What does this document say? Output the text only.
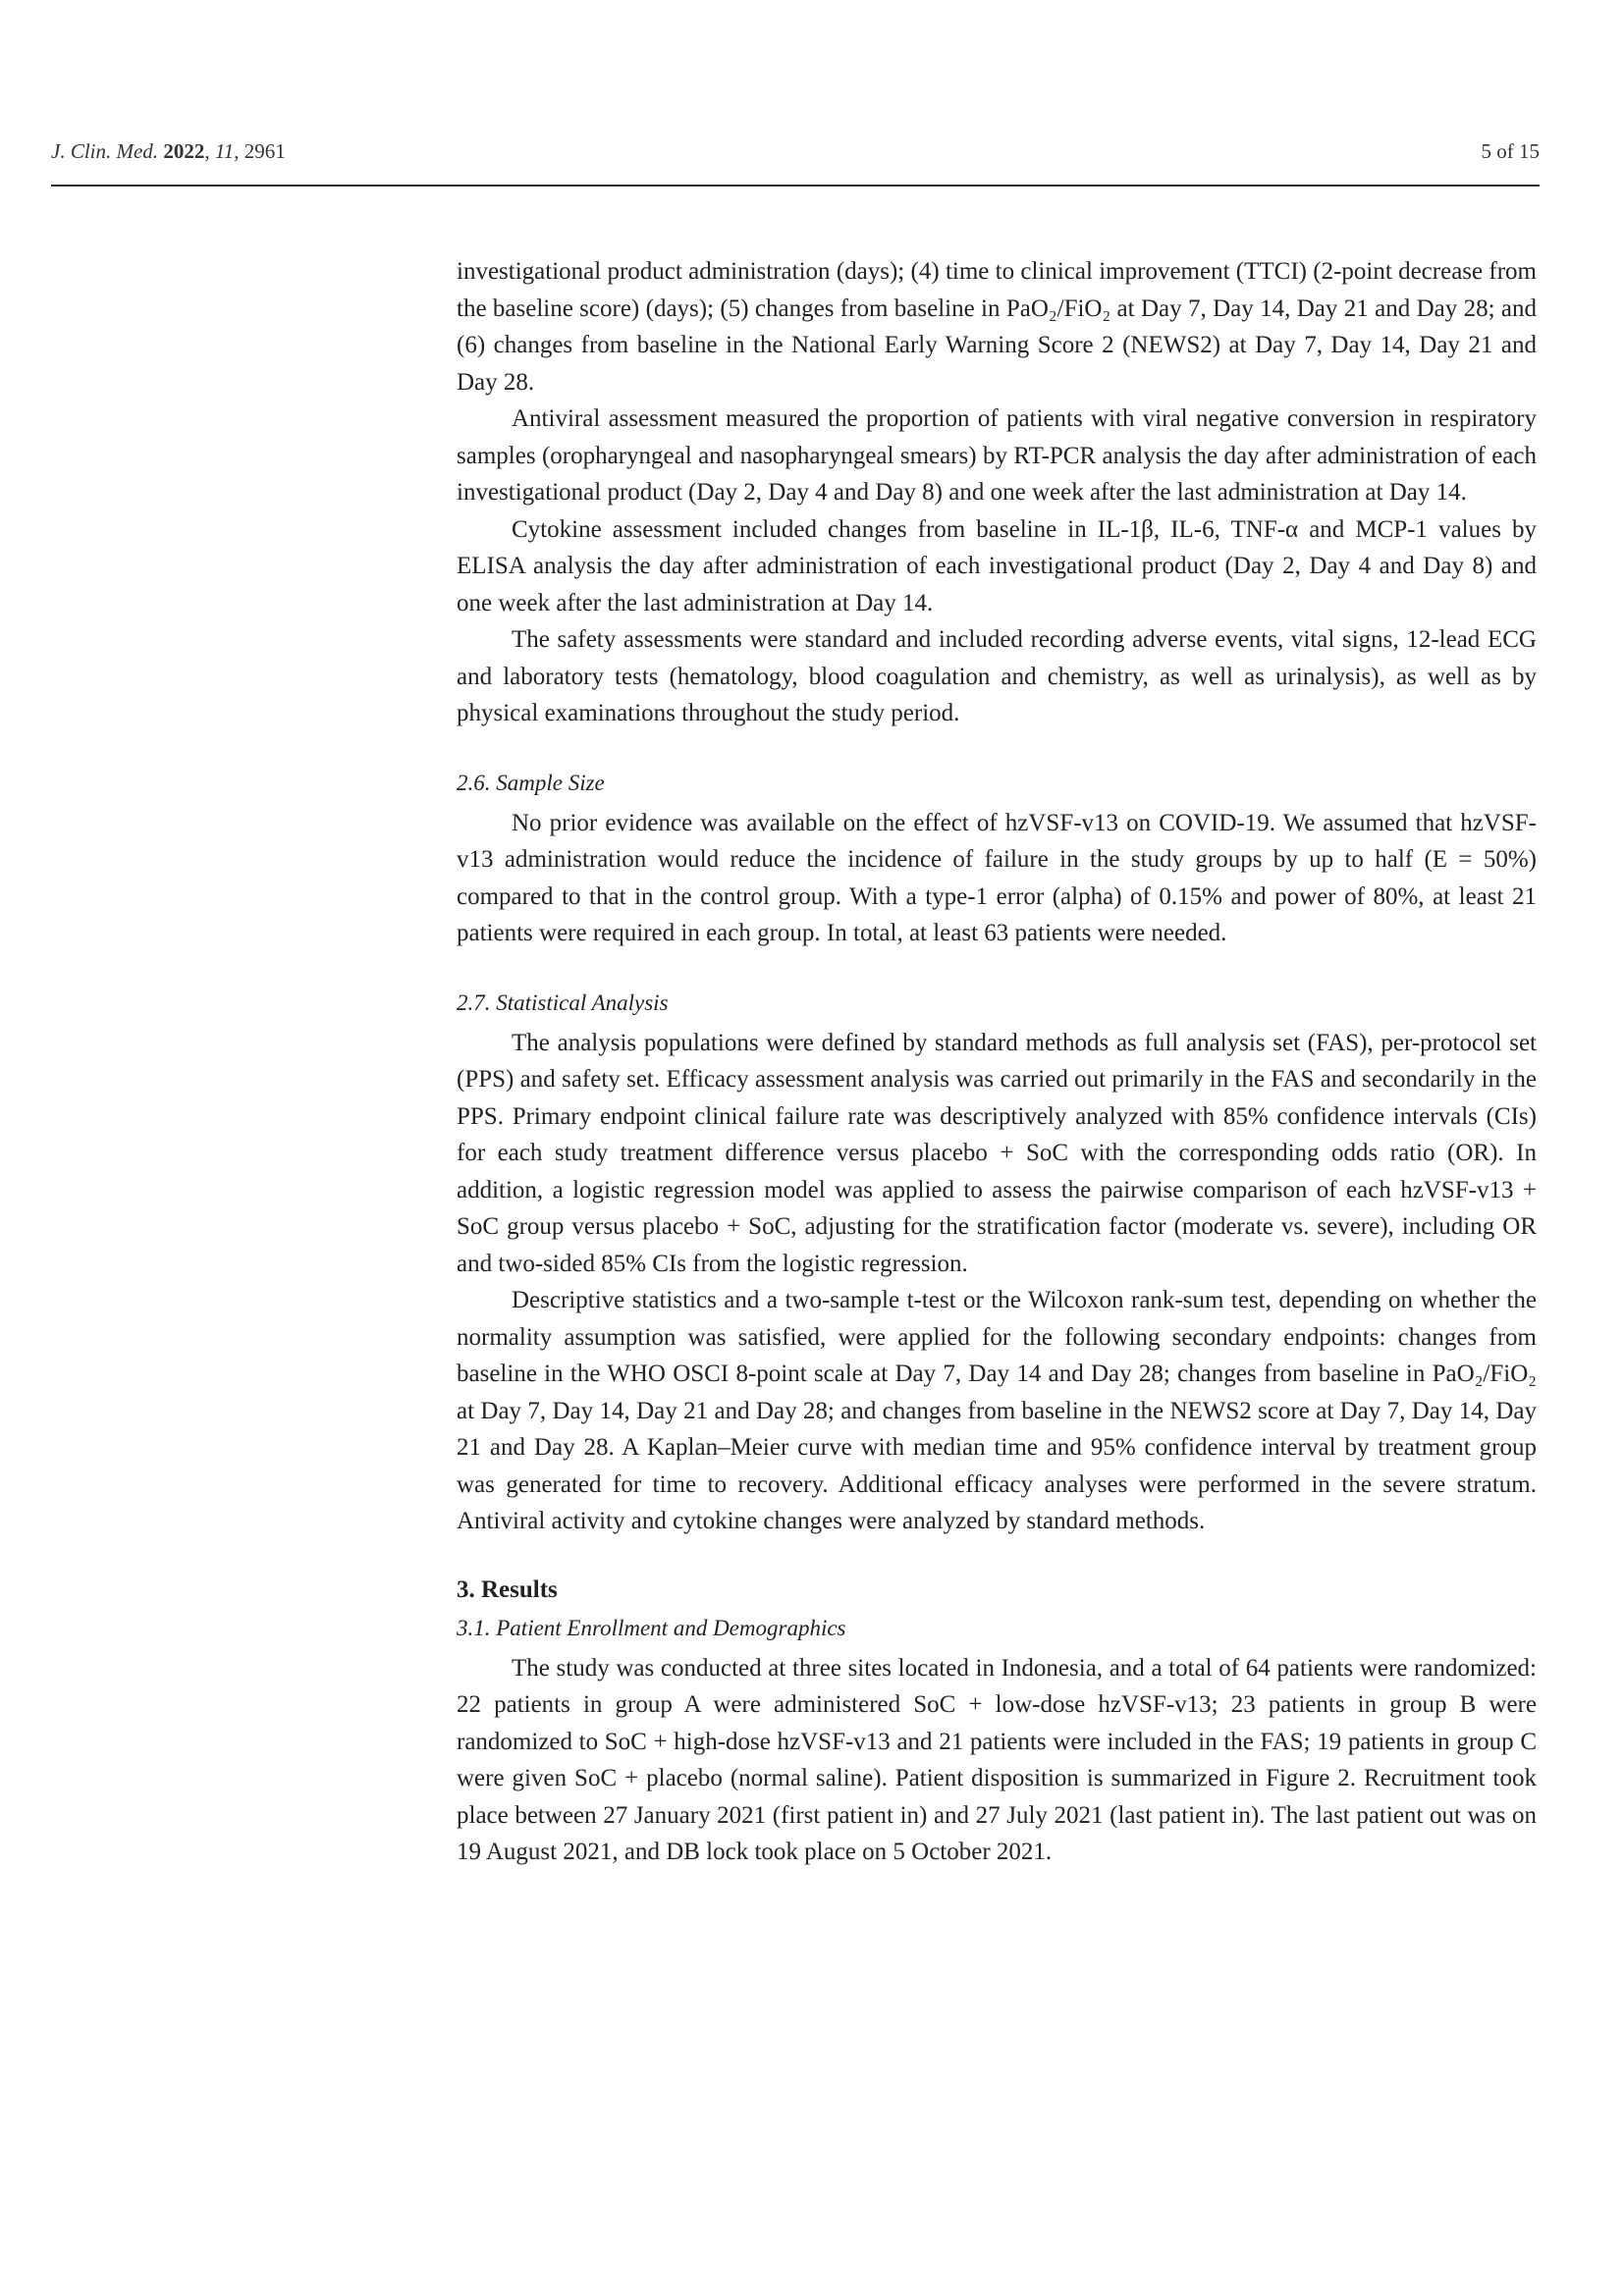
J. Clin. Med. 2022, 11, 2961	5 of 15

investigational product administration (days); (4) time to clinical improvement (TTCI) (2-point decrease from the baseline score) (days); (5) changes from baseline in PaO₂/FiO₂ at Day 7, Day 14, Day 21 and Day 28; and (6) changes from baseline in the National Early Warning Score 2 (NEWS2) at Day 7, Day 14, Day 21 and Day 28.

Antiviral assessment measured the proportion of patients with viral negative conversion in respiratory samples (oropharyngeal and nasopharyngeal smears) by RT-PCR analysis the day after administration of each investigational product (Day 2, Day 4 and Day 8) and one week after the last administration at Day 14.

Cytokine assessment included changes from baseline in IL-1β, IL-6, TNF-α and MCP-1 values by ELISA analysis the day after administration of each investigational product (Day 2, Day 4 and Day 8) and one week after the last administration at Day 14.

The safety assessments were standard and included recording adverse events, vital signs, 12-lead ECG and laboratory tests (hematology, blood coagulation and chemistry, as well as urinalysis), as well as by physical examinations throughout the study period.

2.6. Sample Size

No prior evidence was available on the effect of hzVSF-v13 on COVID-19. We assumed that hzVSF-v13 administration would reduce the incidence of failure in the study groups by up to half (E = 50%) compared to that in the control group. With a type-1 error (alpha) of 0.15% and power of 80%, at least 21 patients were required in each group. In total, at least 63 patients were needed.

2.7. Statistical Analysis

The analysis populations were defined by standard methods as full analysis set (FAS), per-protocol set (PPS) and safety set. Efficacy assessment analysis was carried out primarily in the FAS and secondarily in the PPS. Primary endpoint clinical failure rate was descriptively analyzed with 85% confidence intervals (CIs) for each study treatment difference versus placebo + SoC with the corresponding odds ratio (OR). In addition, a logistic regression model was applied to assess the pairwise comparison of each hzVSF-v13 + SoC group versus placebo + SoC, adjusting for the stratification factor (moderate vs. severe), including OR and two-sided 85% CIs from the logistic regression.

Descriptive statistics and a two-sample t-test or the Wilcoxon rank-sum test, depending on whether the normality assumption was satisfied, were applied for the following secondary endpoints: changes from baseline in the WHO OSCI 8-point scale at Day 7, Day 14 and Day 28; changes from baseline in PaO₂/FiO₂ at Day 7, Day 14, Day 21 and Day 28; and changes from baseline in the NEWS2 score at Day 7, Day 14, Day 21 and Day 28. A Kaplan–Meier curve with median time and 95% confidence interval by treatment group was generated for time to recovery. Additional efficacy analyses were performed in the severe stratum. Antiviral activity and cytokine changes were analyzed by standard methods.

3. Results
3.1. Patient Enrollment and Demographics

The study was conducted at three sites located in Indonesia, and a total of 64 patients were randomized: 22 patients in group A were administered SoC + low-dose hzVSF-v13; 23 patients in group B were randomized to SoC + high-dose hzVSF-v13 and 21 patients were included in the FAS; 19 patients in group C were given SoC + placebo (normal saline). Patient disposition is summarized in Figure 2. Recruitment took place between 27 January 2021 (first patient in) and 27 July 2021 (last patient in). The last patient out was on 19 August 2021, and DB lock took place on 5 October 2021.
